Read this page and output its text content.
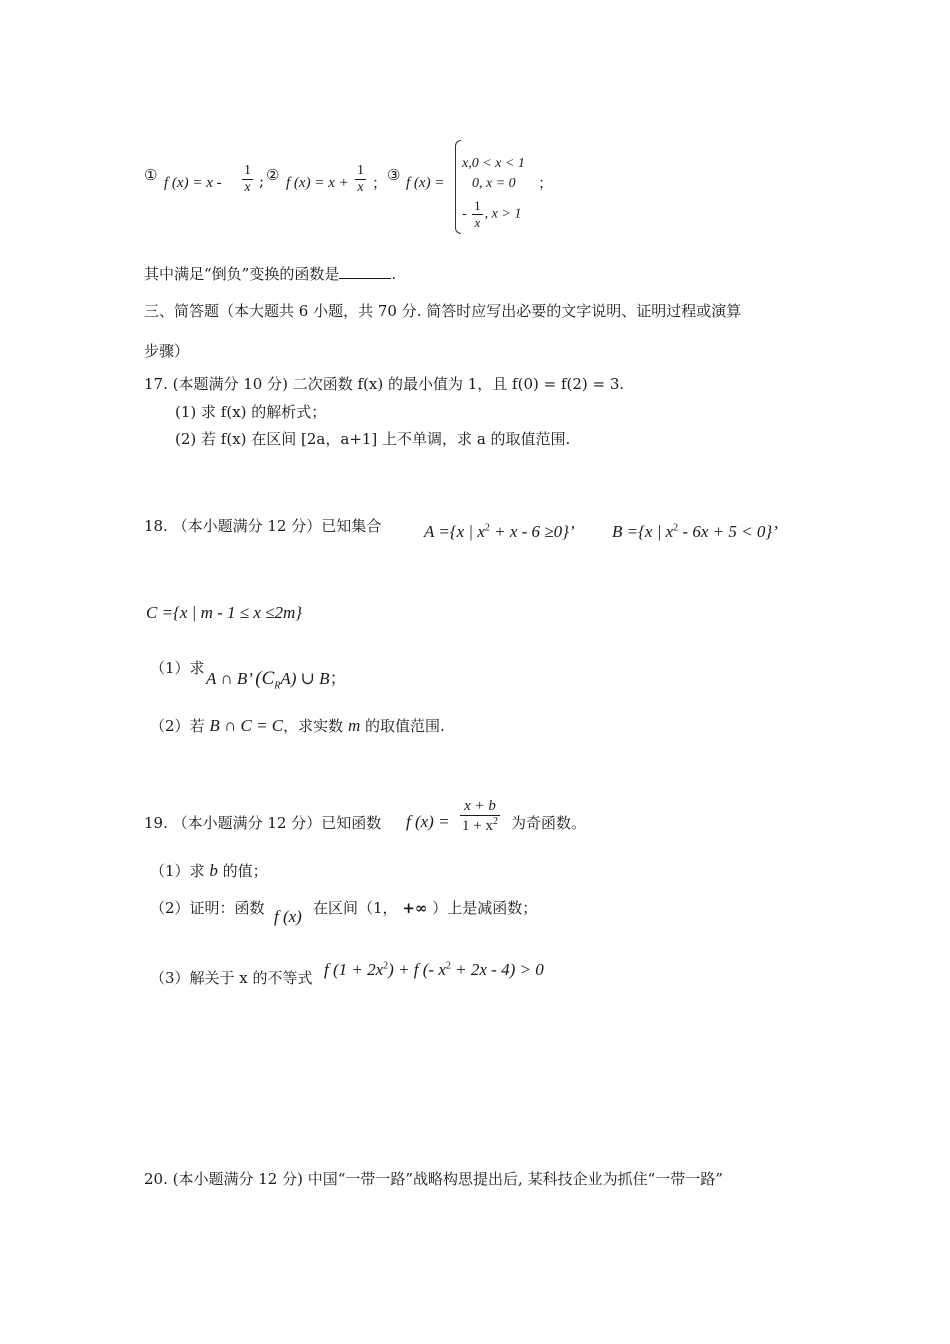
① f $(x) = x - \frac{1}{x}$ ; ② f $(x) = x + \frac{1}{x}$ ； ③ f (x) =
x,0 < x < 1
0, x = 0
- $\frac{1}{x}$ , x > 1
；
其中满足“倒负”变换的函数是	.
三、简答题（本大题共 6 小题，共 70 分. 简答时应写出必要的文字说明、证明过程或演算
步骤）
17. (本题满分 10 分) 二次函数 f(x) 的最小值为 1，且 f(0) = f(2) = 3.
(1) 求 f(x) 的解析式；
(2) 若 f(x) 在区间 [2a，a+1] 上不单调，求 a 的取值范围.
18. （本小题满分 12 分）已知集合	A ={x | $x^2 + x - 6 \ge 0$}’ B ={x | $x^2 - 6x + 5 < 0$}’
C ={x | m - 1 ≤ x ≤2m}
（1）求
A ∩ B’ $(C_RA)$ ∪ B；
（2）若 B ∩ C = C，求实数 m 的取值范围.
19. （本小题满分 12 分）已知函数 f $(x) = \frac{x + b}{1 + x^2}$ 为奇函数。
（1）求 b 的值；
（2）证明：函数 f (x) 在区间（1， +∞ ）上是减函数；
（3）解关于 x 的不等式 f $(1 + 2x^2) + f$ (- $x^2 + 2x - 4) > 0$
20. (本小题满分 12 分) 中国“一带一路”战略构思提出后, 某科技企业为抓住“一带一路”
